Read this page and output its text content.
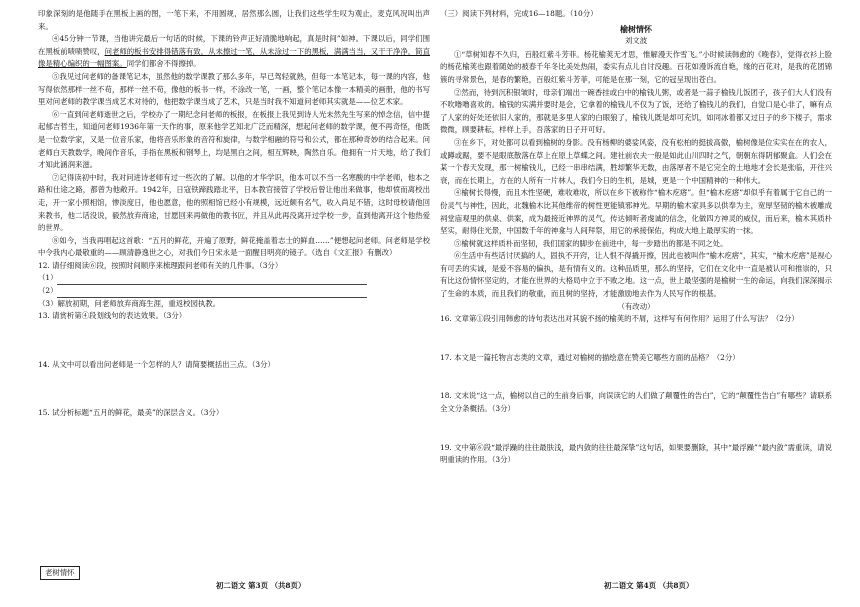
印象深刻的是他随手在黑板上画的图，一笔下来，不用圆规，居然那么圆，让我们这些学生叹为观止，麦克风况叫出声来。

④45分钟一节课，当他讲完最后一句话的时候，下课的铃声正好清脆地响起，真是时间”如神。下课以后，同学们围在黑板前啧啧赞叹，问老师的板书安排得错落有致，从未擦过一笔，从未涂过一下的黑板，满满当当，又干干净净，简直像是精心编织的一幅图案。同学们都舍不得擦掉。

⑤我见过问老师的备课笔记本，虽然他的数学课教了那么多年，早已驾轻就熟，但每一本笔记本，每一课的内容，他写得依然那样一丝不苟，那样一丝不苟，像他的板书一样，不涂改一笔，一画，整个笔记本像一本精美的画册，他的书写里对问老师的教学课当成艺术对待的，他把数学课当成了艺术，只是当时我不知道问老师其实就是——位艺术家。

⑥一直到问老师逝世之后，学校办了一期纪念问老师的板报，在板报上我见到诗人光未然先生写来的悼念信，信中提起郁吉哲生，知道问老师1936年第一天作的事，原来他学艺知北广泛而精深，想起问老师的数学课，便不再奇怪，他既是一位数学家，又是一位音乐家，他将音乐形象的音符和旋律，与数学相融的符号和公式，都在那种奇妙的结合起来。问老师白天教数学，晚间作音乐，手指在黑板和钢琴上，均是黑白之间，相互辉映，陶然自乐。他拥有一片天地，给了我们才知此涵润来滋。

⑦记得读初中时，我对问进诗老师有过一些次的了解。以他的才华学识，他本可以不当一名寒酸的中学老师，他本之路和仕途之路，都曾为他敞开。1942年，日寇铁蹄践踏北平，日本教官接管了学校后曾让他出来做事，他却愤而离校出走，开一家小照相馆，惨淡度日，他也愿意，他的照相馆已经小有规模，远近颇有名气，收入尚足不错，这时母校请他回来教书，他二话没说，毅然放弃商途，甘愿回来再做他的教书匠，并且从此再没离开过学校一步，直到他离开这个他热爱的世界。

⑧如今，当我再唱起这首歌：“五月的鲜花，开遍了原野，鲜花掩盖着志士的鲜血……”便想起问老师。问老师是学校中令我内心最敬重的——顾清静逸世之心，对我们今日宋永是一面醒目明亮的镜子。（选自《文汇报》有删改）

12. 请仔细阅读⑥段，按照时间顺序来梳理跟问老师有关的几件事。（3分）

（1）

（2）

（3）解放初期，问老师放弃商海生涯，重返校园执教。

13. 请赏析第④段划线句的表达效果。（3分）

14. 从文中可以看出问老师是一个怎样的人？请简要概括出三点。（3分）

15. 试分析标题“五月的鲜花，最美”的深层含义。（3分）

（三）阅读下列材料，完成16—18题。（10分）

榆树情怀
刘文波

①“草树知春不久归，百般红紫斗芳菲。杨花榆荚无才思，惟解漫天作雪飞。”小时候读韩愈的《晚春》，觉得衣衫上脸的杨花榆荚也跟着随始的被春千年冬比美处热闹，委实有点儿自讨没趣。百花如漫诉流自艳，缘的百花对，是我的花团锦簇的寻常景色，是春的繁艳，百般红紫斗芳菲，可能是在那一刻，它的冠呈现出苍白。

②然而，待到沉积银皱时，母亲们端出一碗香挂或白中的榆钱儿粥，或者是一蒜子榆钱儿饭团子，孩子们大人们没有不吹噜噜喜欢的。榆钱的实满并要时是会，它拿着的榆钱儿不仅为了饭，还给了榆钱儿的我们，自觉口是心非了，嘛有点了人家的好处还依旧人家的，那就是多里人家的白眼狼了，榆钱儿既是却可充饥，如同冰着都又过日子的乡下楼子，需求微微，顾要耕耘，样样上手，吾落家的日子开可好。

③在乡下，对处都可以看到榆树的身影。没有杨柳的婆娑风姿，没有松柏的挺拔高傲，榆树像是位实实在在的农人，或蹲或踞，要不是眼底散落在草上在原上草蝶之间。建社前农夫一般是如此山川四时之气，朝朝东得阴郁聚盒。人们会在某一个春天发现，那一树榆钱儿，已经一串串结满，胜却繁华无数，由落厚者不是它完全的土地地才会长是张临，开往兴衰，而在长期上，方在的人所有一片林人，我们今日的生机，是城，更是一个中国精神的一种伟大。

④榆树长得慢，而且木性坚硬，难收难收，所以在乡下被称作“榆木疙瘩”。但“榆木疙瘩”却似乎有着属于它自己的一份灵气与神性，因此，北魏榆木比其他维帝的树性更能镇邪神光。早期的榆木家具多以供奉为主，宽厚坚韧的榆木被雕成祠堂庙观里的供桌、供案，成为最接近神界的灵气，传达倾听者虔诚的信念，化做四方神灵的威仪，而后来，榆木其质朴坚实，耐得住光景，中国数千年的神龛与人间拜祭，用它的承接保佑，构成大地上最厚实的一抹。

⑤榆树就这样质朴而坚韧，我们国家的脚步在前进中，每一步踏出的都是不同之处。

⑥生活中有些话讨厌搞的人，固执不开窍，让人恨不得撬开擦，因此也被叫作“榆木疙瘩”，其实，“榆木疙瘩”是视心有可丢的实诚，是爱不容易的偏执，是有情有义的。这种品质里，那么的坚持，它们在文化中一直是被认可和推崇的，只有比这份情怀坚定的，才能在世界的大格局中立于不败之地。这一点，世上最坚强的是榆树一生的命运，向我们深深揭示了生命的本质，而且我们的敬重，而且树的坚持，才能激励地去作为人民写作的根基。

（有改动）

16. 文章第①段引用韩愈的诗句表达出对其貌不扬的榆荚的不屑，这样写有何作用？运用了什么写法？（2分）

17. 本文是一篇托物言志类的文章，通过对榆树的描绘意在赞美它哪些方面的品格？（2分）

18. 文末说“这一点，榆树以自己的生前身后事，向误读它的人们做了颠覆性的告白”，它的“颠覆性告白”有哪些？请联系全文分条概括。（3分）

19. 文中第⑥段“最浮躁的往往最肤浅，最内敛的往往最深挚”这句话，如果要删除，其中“最浮躁”“最内敛”需重读，请说明重读的作用。（3分）

老树情怀
初二语文 第3页 （共8页）	初二语文 第4页 （共8页）
